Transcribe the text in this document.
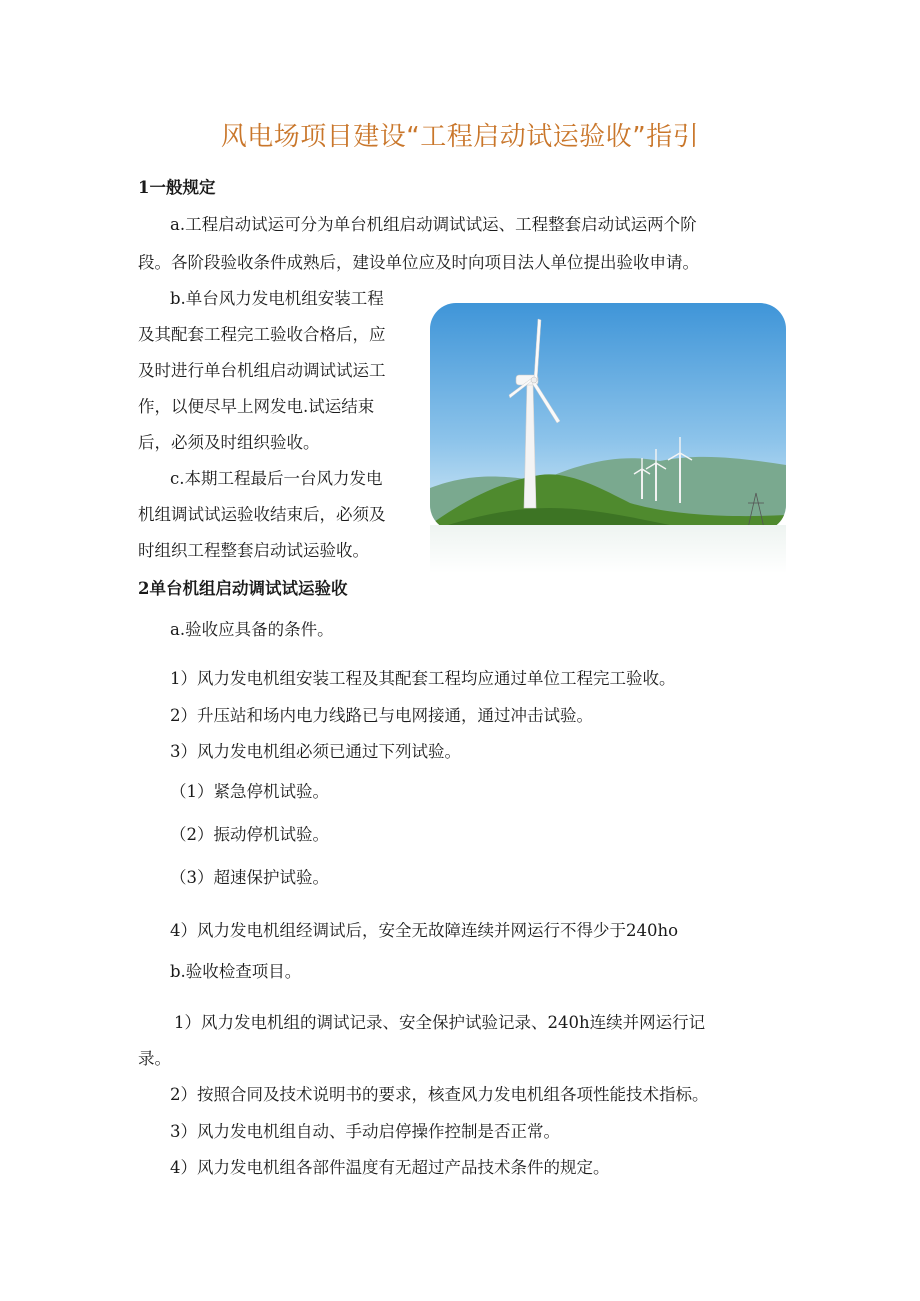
风电场项目建设“工程启动试运验收”指引
1一般规定
a.工程启动试运可分为单台机组启动调试试运、工程整套启动试运两个阶
段。各阶段验收条件成熟后，建设单位应及时向项目法人单位提出验收申请。
b.单台风力发电机组安装工程
及其配套工程完工验收合格后，应
及时进行单台机组启动调试试运工
作，以便尽早上网发电.试运结束
后，必须及时组织验收。
c.本期工程最后一台风力发电
机组调试试运验收结束后，必须及
时组织工程整套启动试运验收。
2单台机组启动调试试运验收
a.验收应具备的条件。
1）风力发电机组安装工程及其配套工程均应通过单位工程完工验收。
2）升压站和场内电力线路已与电网接通，通过冲击试验。
3）风力发电机组必须已通过下列试验。
（1）紧急停机试验。
（2）振动停机试验。
（3）超速保护试验。
4）风力发电机组经调试后，安全无故障连续并网运行不得少于240ho
b.验收检查项目。
1）风力发电机组的调试记录、安全保护试验记录、240h连续并网运行记
录。
2）按照合同及技术说明书的要求，核查风力发电机组各项性能技术指标。
3）风力发电机组自动、手动启停操作控制是否正常。
4）风力发电机组各部件温度有无超过产品技术条件的规定。
